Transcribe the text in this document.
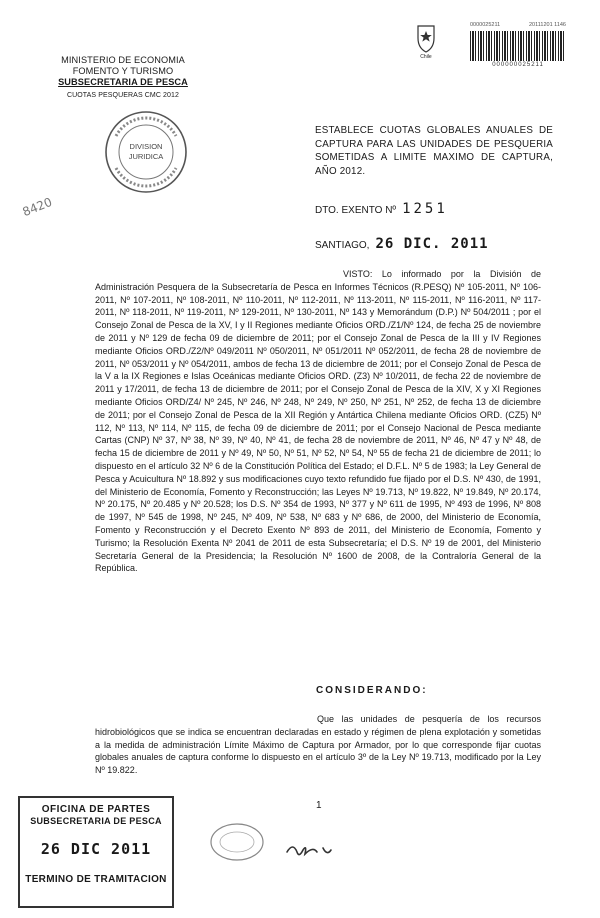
MINISTERIO DE ECONOMIA
FOMENTO Y TURISMO
SUBSECRETARIA DE PESCA
CUOTAS PESQUERAS CMC 2012
DIVISION
JURIDICA
Chile
0000025211	20111201 1146
000000025211
8420
ESTABLECE CUOTAS GLOBALES ANUALES DE CAPTURA PARA LAS UNIDADES DE PESQUERIA SOMETIDAS A LIMITE MAXIMO DE CAPTURA, AÑO 2012.
DTO. EXENTO Nº 1251
SANTIAGO, 26 DIC. 2011
VISTO: Lo informado por la División de Administración Pesquera de la Subsecretaría de Pesca en Informes Técnicos (R.PESQ) Nº 105-2011, Nº 106-2011, Nº 107-2011, Nº 108-2011, Nº 110-2011, Nº 112-2011, Nº 113-2011, Nº 115-2011, Nº 116-2011, Nº 117-2011, Nº 118-2011, Nº 119-2011, Nº 129-2011, Nº 130-2011, Nº 143 y Memorándum (D.P.) Nº 504/2011 ; por el Consejo Zonal de Pesca de la XV, I y II Regiones mediante Oficios ORD./Z1/Nº 124, de fecha 25 de noviembre de 2011 y Nº 129 de fecha 09 de diciembre de 2011; por el Consejo Zonal de Pesca de la III y IV Regiones mediante Oficios ORD./Z2/Nº 049/2011 Nº 050/2011, Nº 051/2011 Nº 052/2011, de fecha 28 de noviembre de 2011, Nº 053/2011 y Nº 054/2011, ambos de fecha 13 de diciembre de 2011; por el Consejo Zonal de Pesca de la V a la IX Regiones e Islas Oceánicas mediante Oficios ORD. (Z3) Nº 10/2011, de fecha 22 de noviembre de 2011 y 17/2011, de fecha 13 de diciembre de 2011; por el Consejo Zonal de Pesca de la XIV, X y XI Regiones mediante Oficios ORD/Z4/ Nº 245, Nº 246, Nº 248, Nº 249, Nº 250, Nº 251, Nº 252, de fecha 13 de diciembre de 2011; por el Consejo Zonal de Pesca de la XII Región y Antártica Chilena mediante Oficios ORD. (CZ5) Nº 112, Nº 113, Nº 114, Nº 115, de fecha 09 de diciembre de 2011; por el Consejo Nacional de Pesca mediante Cartas (CNP) Nº 37, Nº 38, Nº 39, Nº 40, Nº 41, de fecha 28 de noviembre de 2011, Nº 46, Nº 47 y Nº 48, de fecha 15 de diciembre de 2011 y Nº 49, Nº 50, Nº 51, Nº 52, Nº 54, Nº 55 de fecha 21 de diciembre de 2011; lo dispuesto en el artículo 32 Nº 6 de la Constitución Política del Estado; el D.F.L. Nº 5 de 1983; la Ley General de Pesca y Acuicultura Nº 18.892 y sus modificaciones cuyo texto refundido fue fijado por el D.S. Nº 430, de 1991, del Ministerio de Economía, Fomento y Reconstrucción; las Leyes Nº 19.713, Nº 19.822, Nº 19.849, Nº 20.174, Nº 20.175, Nº 20.485 y Nº 20.528; los D.S. Nº 354 de 1993, Nº 377 y Nº 611 de 1995, Nº 493 de 1996, Nº 808 de 1997, Nº 545 de 1998, Nº 245, Nº 409, Nº 538, Nº 683 y Nº 686, de 2000, del Ministerio de Economía, Fomento y Reconstrucción y el Decreto Exento Nº 893 de 2011, del Ministerio de Economía, Fomento y Turismo; la Resolución Exenta Nº 2041 de 2011 de esta Subsecretaría; el D.S. Nº 19 de 2001, del Ministerio Secretaría General de la Presidencia; la Resolución Nº 1600 de 2008, de la Contraloría General de la República.
CONSIDERANDO:
Que las unidades de pesquería de los recursos hidrobiológicos que se indica se encuentran declaradas en estado y régimen de plena explotación y sometidas a la medida de administración Límite Máximo de Captura por Armador, por lo que corresponde fijar cuotas globales anuales de captura conforme lo dispuesto en el artículo 3º de la Ley Nº 19.713, modificado por la Ley Nº 19.822.
1
OFICINA DE PARTES
SUBSECRETARIA DE PESCA
26 DIC 2011
TERMINO DE TRAMITACION
